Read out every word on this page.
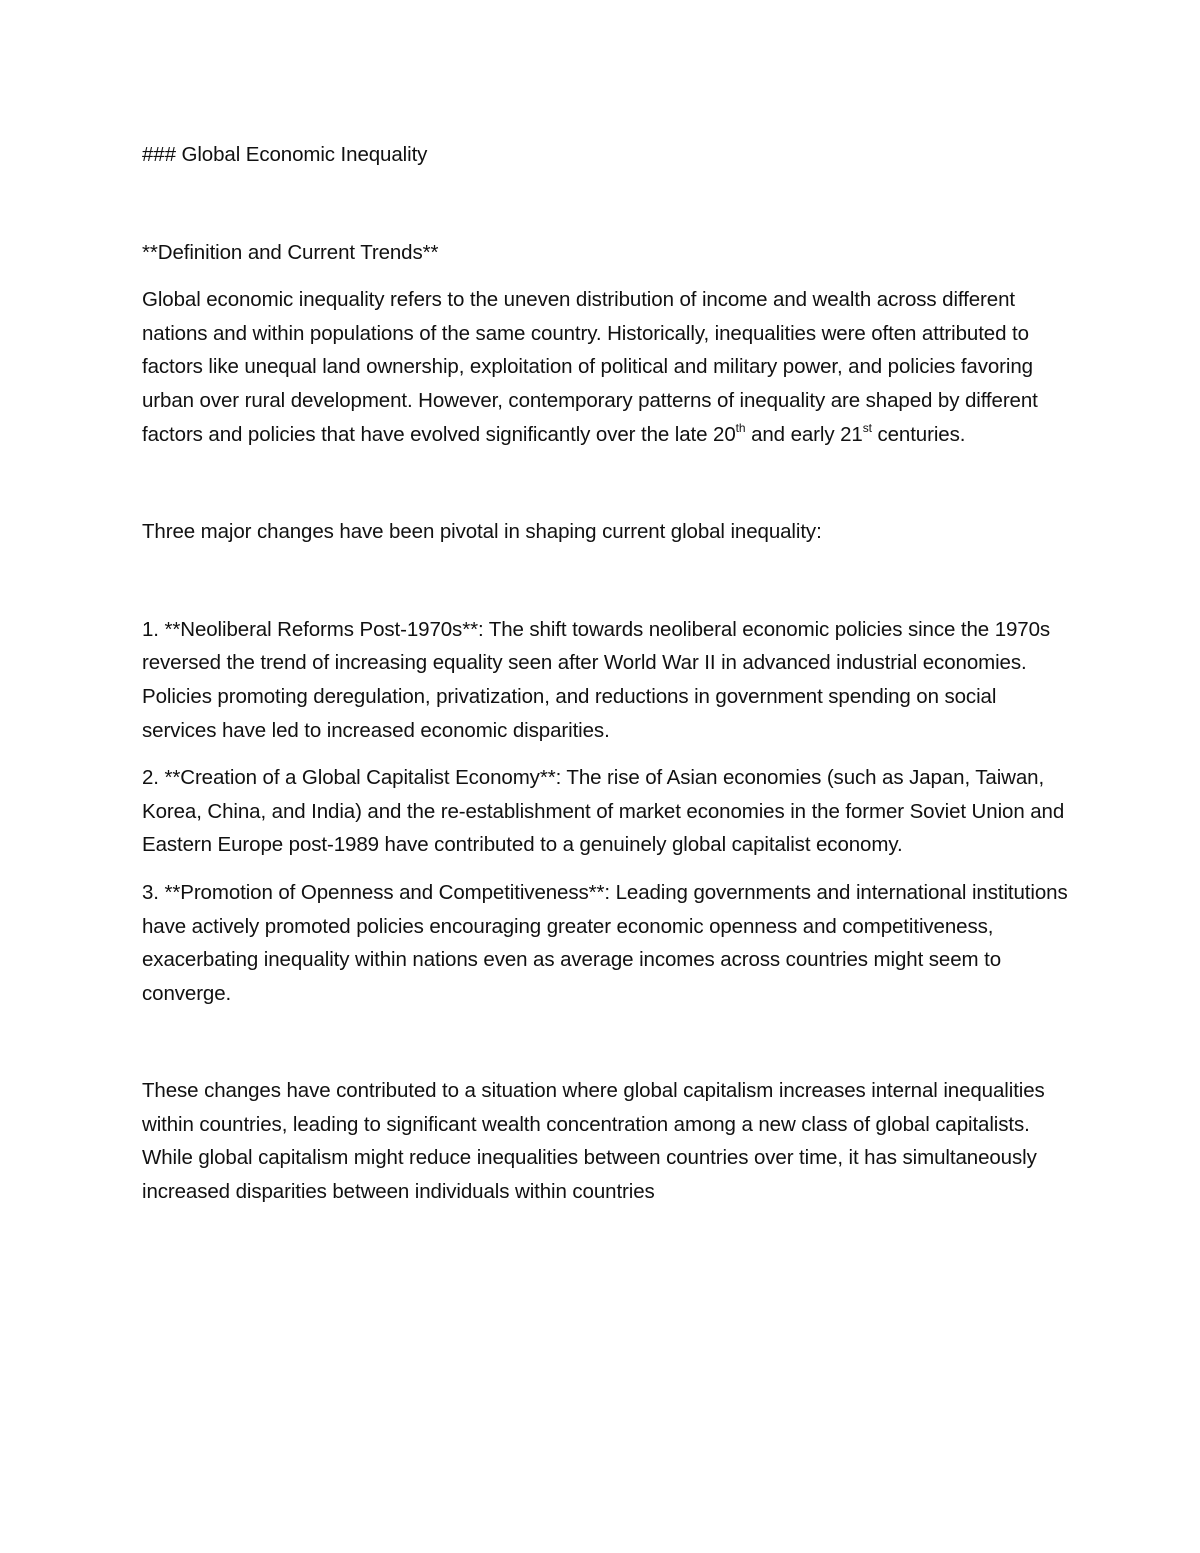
### Global Economic Inequality

**Definition and Current Trends**

Global economic inequality refers to the uneven distribution of income and wealth across different nations and within populations of the same country. Historically, inequalities were often attributed to factors like unequal land ownership, exploitation of political and military power, and policies favoring urban over rural development. However, contemporary patterns of inequality are shaped by different factors and policies that have evolved significantly over the late 20th and early 21st centuries.

Three major changes have been pivotal in shaping current global inequality:

1. **Neoliberal Reforms Post-1970s**: The shift towards neoliberal economic policies since the 1970s reversed the trend of increasing equality seen after World War II in advanced industrial economies. Policies promoting deregulation, privatization, and reductions in government spending on social services have led to increased economic disparities.

2. **Creation of a Global Capitalist Economy**: The rise of Asian economies (such as Japan, Taiwan, Korea, China, and India) and the re-establishment of market economies in the former Soviet Union and Eastern Europe post-1989 have contributed to a genuinely global capitalist economy.

3. **Promotion of Openness and Competitiveness**: Leading governments and international institutions have actively promoted policies encouraging greater economic openness and competitiveness, exacerbating inequality within nations even as average incomes across countries might seem to converge.

These changes have contributed to a situation where global capitalism increases internal inequalities within countries, leading to significant wealth concentration among a new class of global capitalists. While global capitalism might reduce inequalities between countries over time, it has simultaneously increased disparities between individuals within countries
